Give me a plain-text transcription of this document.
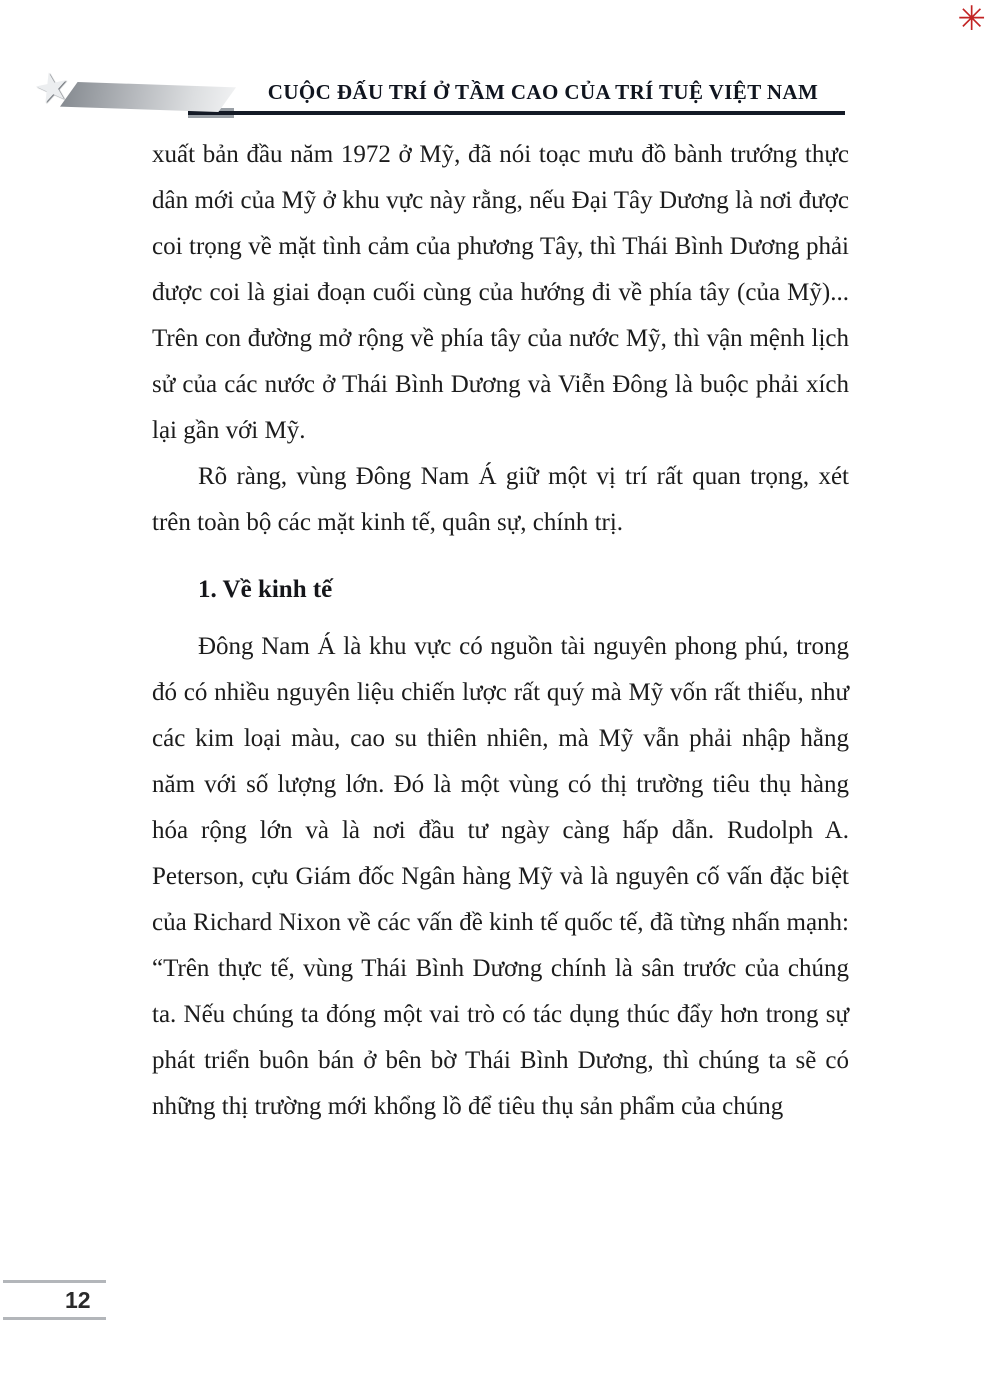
✳
★	CUỘC ĐẤU TRÍ Ở TẦM CAO CỦA TRÍ TUỆ VIỆT NAM

xuất bản đầu năm 1972 ở Mỹ, đã nói toạc mưu đồ bành trướng thực dân mới của Mỹ ở khu vực này rằng, nếu Đại Tây Dương là nơi được coi trọng về mặt tình cảm của phương Tây, thì Thái Bình Dương phải được coi là giai đoạn cuối cùng của hướng đi về phía tây (của Mỹ)... Trên con đường mở rộng về phía tây của nước Mỹ, thì vận mệnh lịch sử của các nước ở Thái Bình Dương và Viễn Đông là buộc phải xích lại gần với Mỹ.

Rõ ràng, vùng Đông Nam Á giữ một vị trí rất quan trọng, xét trên toàn bộ các mặt kinh tế, quân sự, chính trị.

1. Về kinh tế

Đông Nam Á là khu vực có nguồn tài nguyên phong phú, trong đó có nhiều nguyên liệu chiến lược rất quý mà Mỹ vốn rất thiếu, như các kim loại màu, cao su thiên nhiên, mà Mỹ vẫn phải nhập hằng năm với số lượng lớn. Đó là một vùng có thị trường tiêu thụ hàng hóa rộng lớn và là nơi đầu tư ngày càng hấp dẫn. Rudolph A. Peterson, cựu Giám đốc Ngân hàng Mỹ và là nguyên cố vấn đặc biệt của Richard Nixon về các vấn đề kinh tế quốc tế, đã từng nhấn mạnh: “Trên thực tế, vùng Thái Bình Dương chính là sân trước của chúng ta. Nếu chúng ta đóng một vai trò có tác dụng thúc đẩy hơn trong sự phát triển buôn bán ở bên bờ Thái Bình Dương, thì chúng ta sẽ có những thị trường mới khổng lồ để tiêu thụ sản phẩm của chúng

12
